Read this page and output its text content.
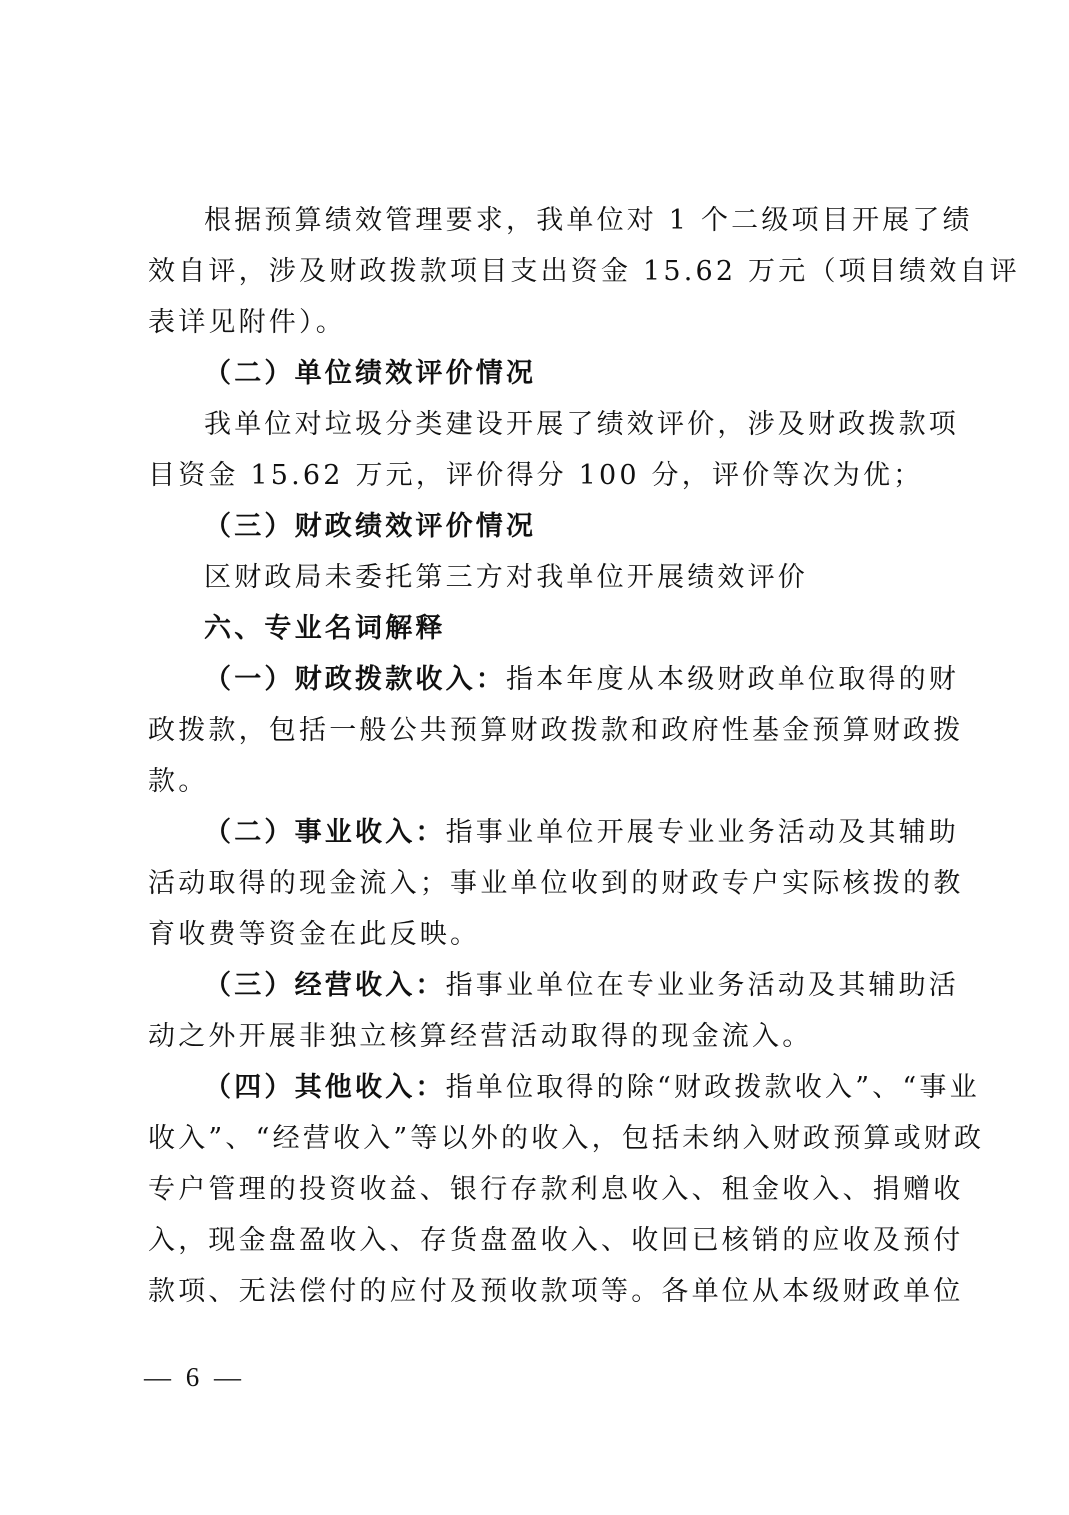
根据预算绩效管理要求，我单位对 1 个二级项目开展了绩
效自评，涉及财政拨款项目支出资金 15.62 万元（项目绩效自评
表详见附件）。
（二）单位绩效评价情况
我单位对垃圾分类建设开展了绩效评价，涉及财政拨款项
目资金 15.62 万元，评价得分 100 分，评价等次为优；
（三）财政绩效评价情况
区财政局未委托第三方对我单位开展绩效评价
六、专业名词解释
（一）财政拨款收入：指本年度从本级财政单位取得的财
政拨款，包括一般公共预算财政拨款和政府性基金预算财政拨
款。
（二）事业收入：指事业单位开展专业业务活动及其辅助
活动取得的现金流入；事业单位收到的财政专户实际核拨的教
育收费等资金在此反映。
（三）经营收入：指事业单位在专业业务活动及其辅助活
动之外开展非独立核算经营活动取得的现金流入。
（四）其他收入：指单位取得的除“财政拨款收入”、“事业
收入”、“经营收入”等以外的收入，包括未纳入财政预算或财政
专户管理的投资收益、银行存款利息收入、租金收入、捐赠收
入，现金盘盈收入、存货盘盈收入、收回已核销的应收及预付
款项、无法偿付的应付及预收款项等。各单位从本级财政单位
— 6 —
